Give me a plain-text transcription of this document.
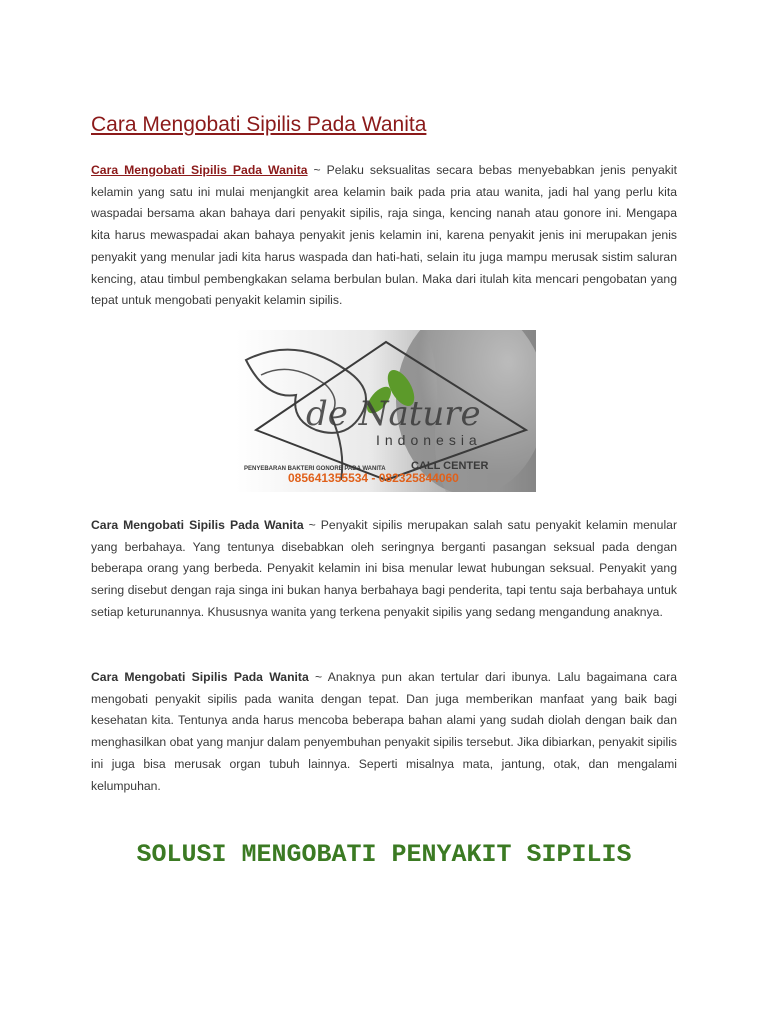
Cara Mengobati Sipilis Pada Wanita

Cara Mengobati Sipilis Pada Wanita ~ Pelaku seksualitas secara bebas menyebabkan jenis penyakit kelamin yang satu ini mulai menjangkit area kelamin baik pada pria atau wanita, jadi hal yang perlu kita waspadai bersama akan bahaya dari penyakit sipilis, raja singa, kencing nanah atau gonore ini. Mengapa kita harus mewaspadai akan bahaya penyakit jenis kelamin ini, karena penyakit jenis ini merupakan jenis penyakit yang menular jadi kita harus waspada dan hati-hati, selain itu juga mampu merusak sistim saluran kencing, atau timbul pembengkakan selama berbulan bulan. Maka dari itulah kita mencari pengobatan yang tepat untuk mengobati penyakit kelamin sipilis.

de Nature
Indonesia
PENYEBARAN BAKTERI GONORE PADA WANITA CALL CENTER
085641355534 - 082325844060

Cara Mengobati Sipilis Pada Wanita ~ Penyakit sipilis merupakan salah satu penyakit kelamin menular yang berbahaya. Yang tentunya disebabkan oleh seringnya berganti pasangan seksual pada dengan beberapa orang yang berbeda. Penyakit kelamin ini bisa menular lewat hubungan seksual. Penyakit yang sering disebut dengan raja singa ini bukan hanya berbahaya bagi penderita, tapi tentu saja berbahaya untuk setiap keturunannya. Khususnya wanita yang terkena penyakit sipilis yang sedang mengandung anaknya.

Cara Mengobati Sipilis Pada Wanita ~ Anaknya pun akan tertular dari ibunya. Lalu bagaimana cara mengobati penyakit sipilis pada wanita dengan tepat. Dan juga memberikan manfaat yang baik bagi kesehatan kita. Tentunya anda harus mencoba beberapa bahan alami yang sudah diolah dengan baik dan menghasilkan obat yang manjur dalam penyembuhan penyakit sipilis tersebut. Jika dibiarkan, penyakit sipilis ini juga bisa merusak organ tubuh lainnya. Seperti misalnya mata, jantung, otak, dan mengalami kelumpuhan.

SOLUSI MENGOBATI PENYAKIT SIPILIS
